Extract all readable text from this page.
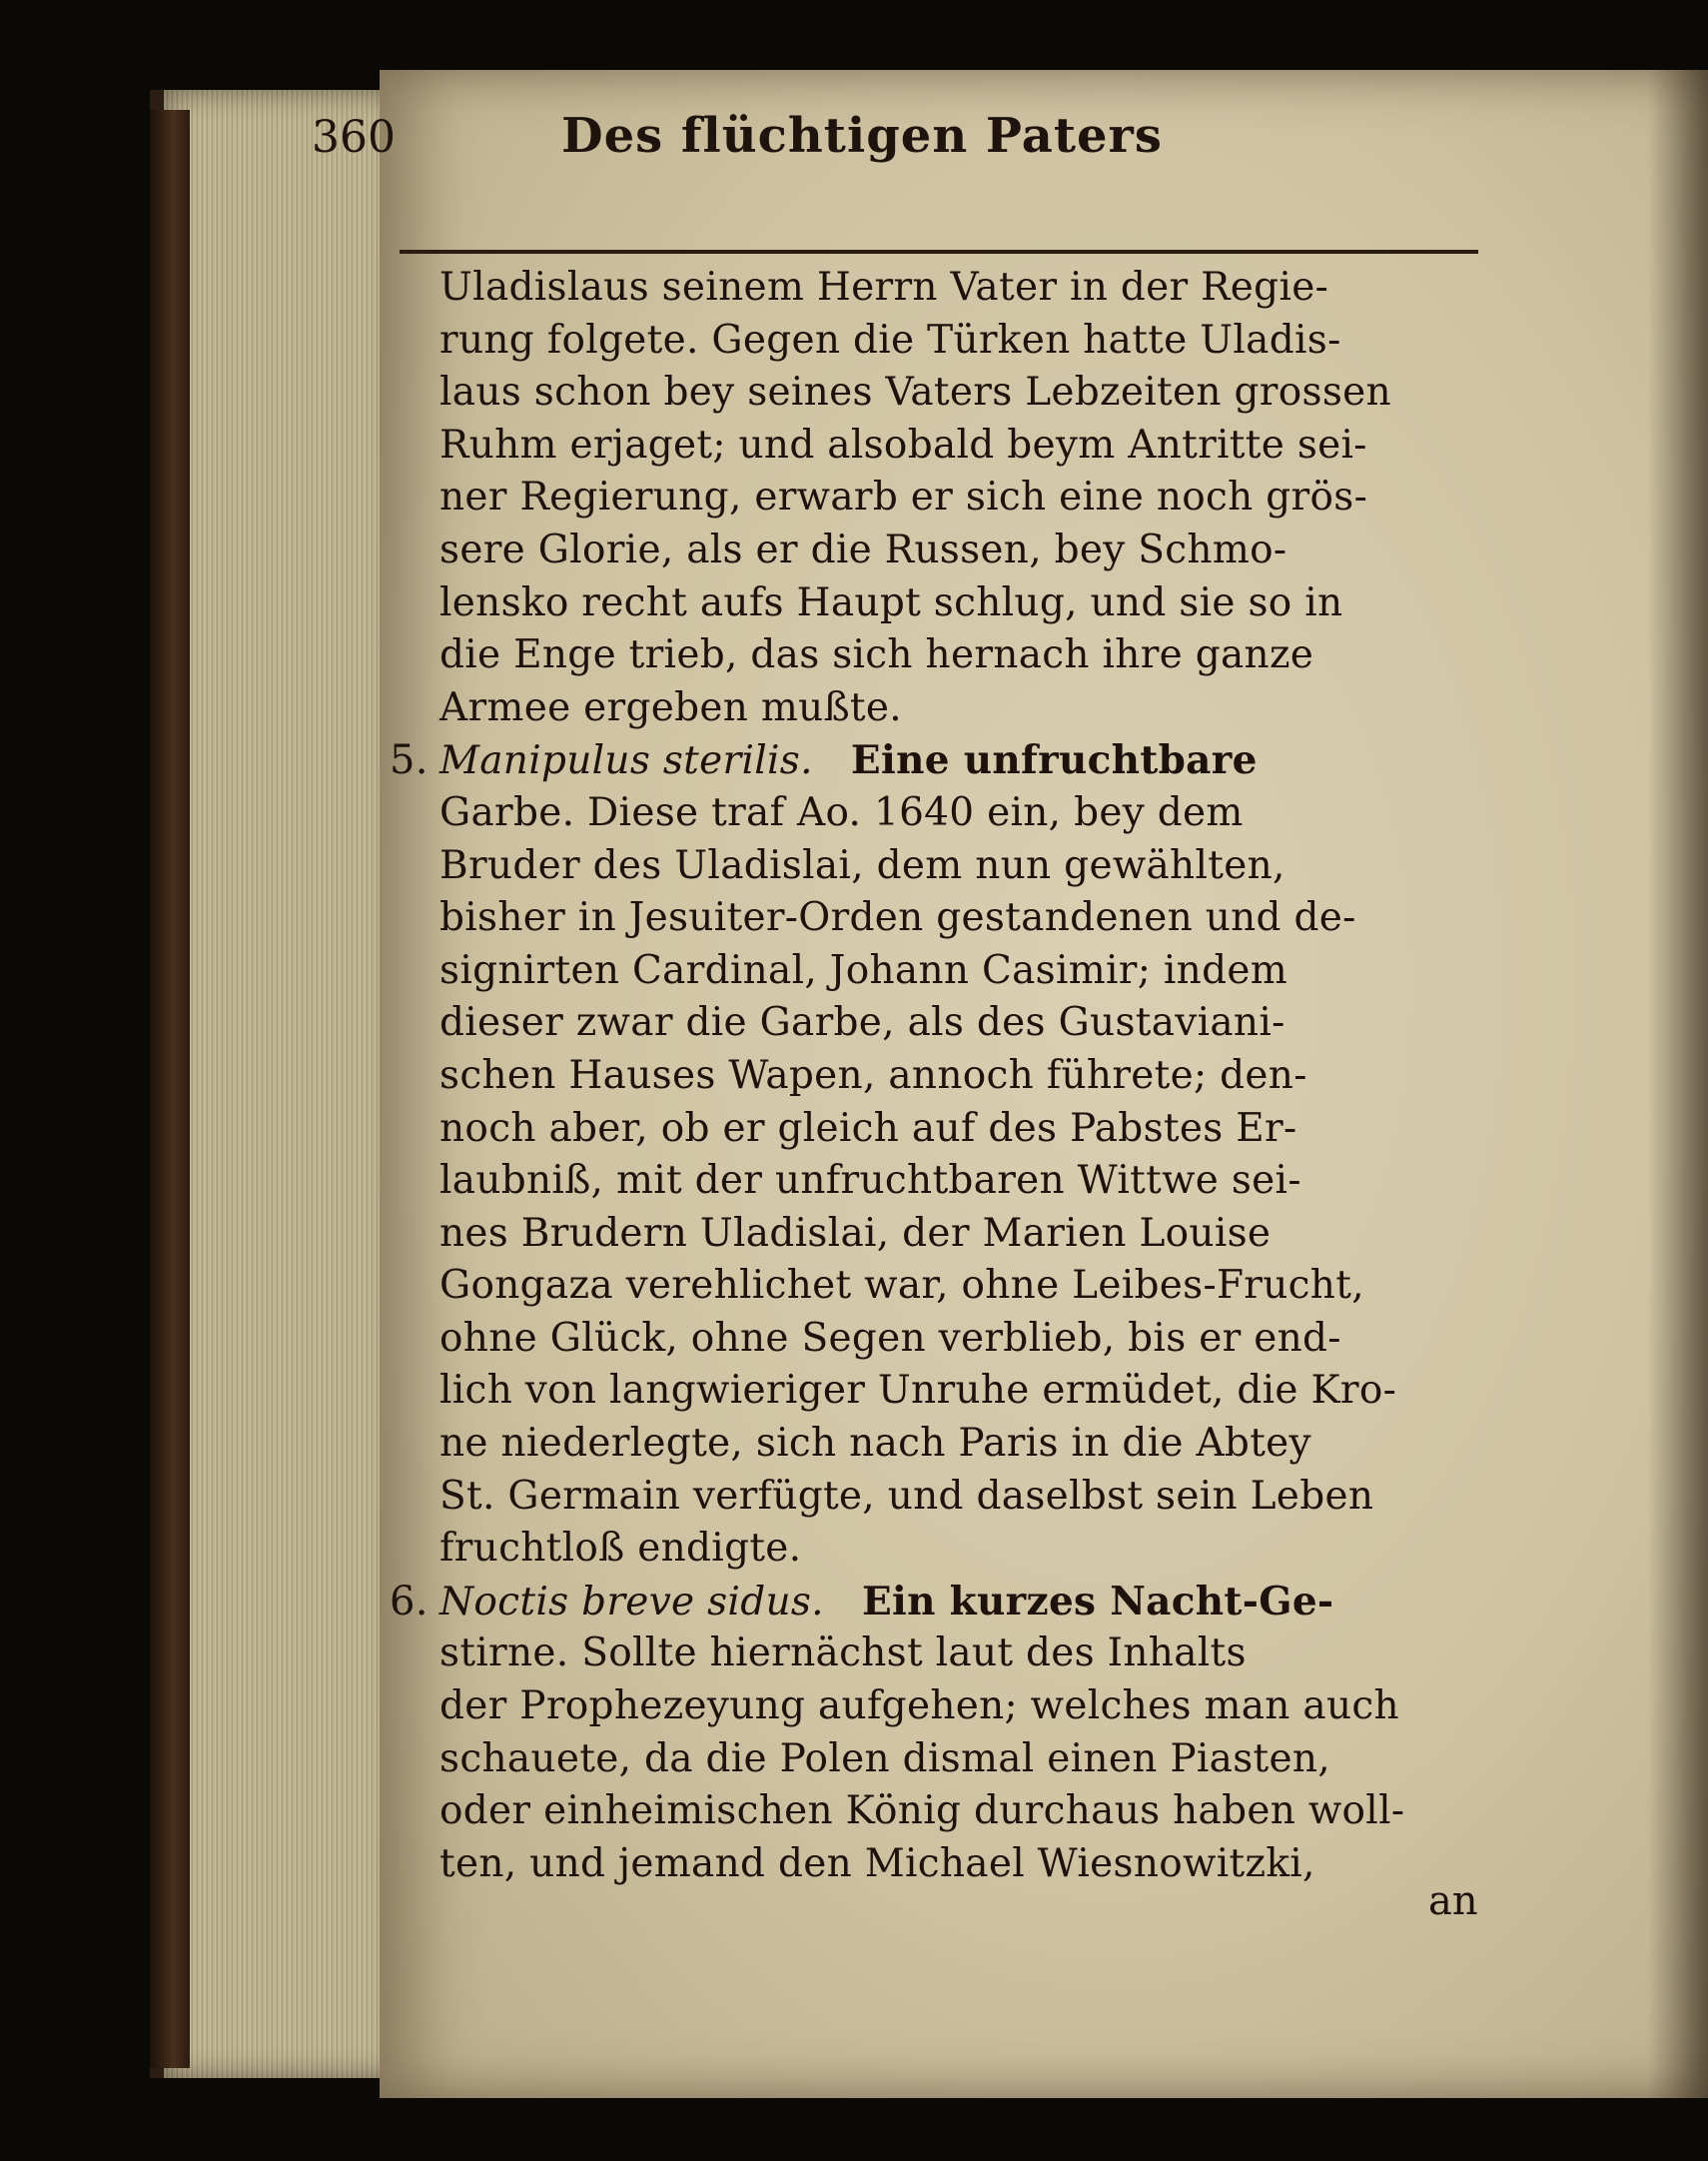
360	Des flüchtigen Paters
Uladislaus seinem Herrn Vater in der Regie-
rung folgete. Gegen die Türken hatte Uladis-
laus schon bey seines Vaters Lebzeiten grossen
Ruhm erjaget; und alsobald beym Antritte sei-
ner Regierung, erwarb er sich eine noch grös-
sere Glorie, als er die Russen, bey Schmo-
lensko recht aufs Haupt schlug, und sie so in
die Enge trieb, das sich hernach ihre ganze
Armee ergeben mußte.
5. Manipulus sterilis. Eine unfruchtbare
Garbe. Diese traf Ao. 1640 ein, bey dem
Bruder des Uladislai, dem nun gewählten,
bisher in Jesuiter-Orden gestandenen und de-
signirten Cardinal, Johann Casimir; indem
dieser zwar die Garbe, als des Gustaviani-
schen Hauses Wapen, annoch führete; den-
noch aber, ob er gleich auf des Pabstes Er-
laubniß, mit der unfruchtbaren Wittwe sei-
nes Brudern Uladislai, der Marien Louise
Gongaza verehlichet war, ohne Leibes-Frucht,
ohne Glück, ohne Segen verblieb, bis er end-
lich von langwieriger Unruhe ermüdet, die Kro-
ne niederlegte, sich nach Paris in die Abtey
St. Germain verfügte, und daselbst sein Leben
fruchtloß endigte.
6. Noctis breve sidus. Ein kurzes Nacht-Ge-
stirne. Sollte hiernächst laut des Inhalts
der Prophezeyung aufgehen; welches man auch
schauete, da die Polen dismal einen Piasten,
oder einheimischen König durchaus haben woll-
ten, und jemand den Michael Wiesnowitzki,
an
